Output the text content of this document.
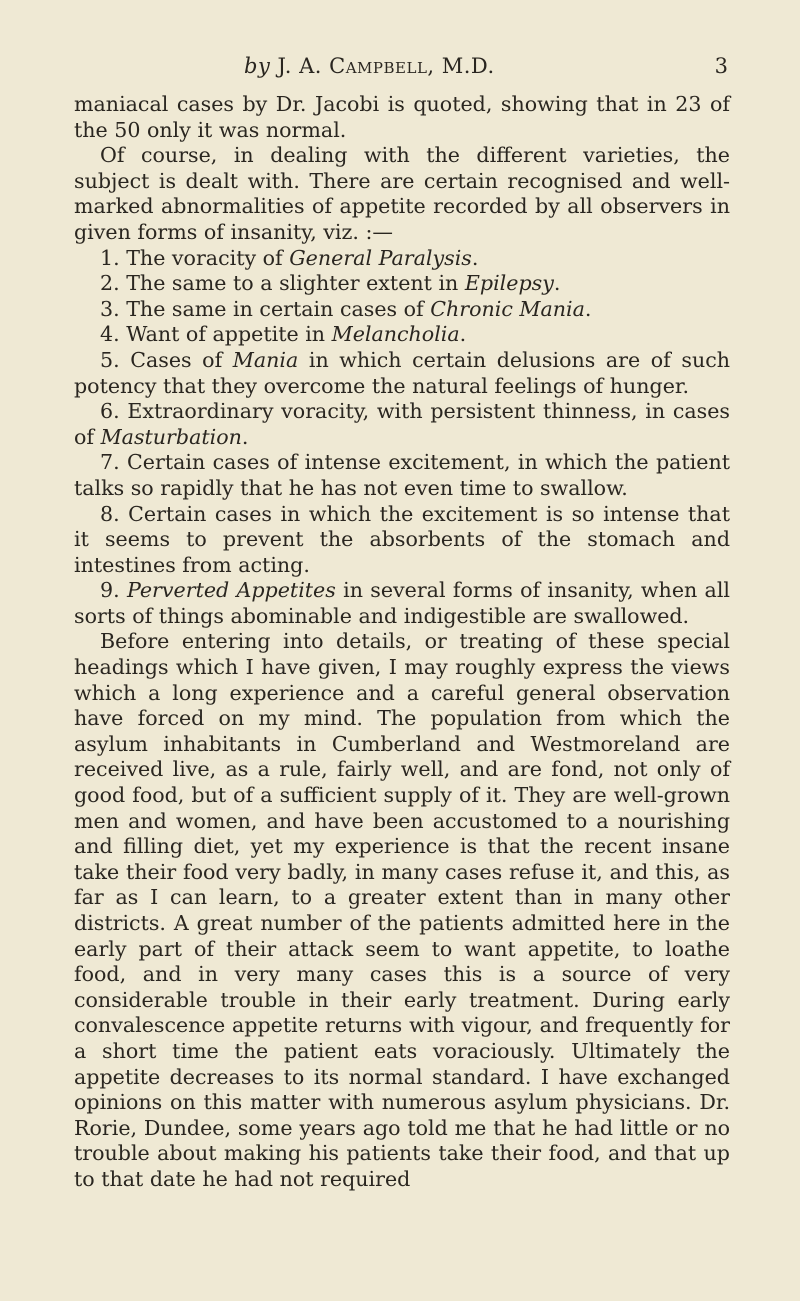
by J. A. Campbell, M.D.	3

maniacal cases by Dr. Jacobi is quoted, showing that in 23 of the 50 only it was normal.

Of course, in dealing with the different varieties, the subject is dealt with. There are certain recognised and well-marked abnormalities of appetite recorded by all observers in given forms of insanity, viz. :—

1. The voracity of General Paralysis.

2. The same to a slighter extent in Epilepsy.

3. The same in certain cases of Chronic Mania.

4. Want of appetite in Melancholia.

5. Cases of Mania in which certain delusions are of such potency that they overcome the natural feelings of hunger.

6. Extraordinary voracity, with persistent thinness, in cases of Masturbation.

7. Certain cases of intense excitement, in which the patient talks so rapidly that he has not even time to swallow.

8. Certain cases in which the excitement is so intense that it seems to prevent the absorbents of the stomach and intestines from acting.

9. Perverted Appetites in several forms of insanity, when all sorts of things abominable and indigestible are swallowed.

Before entering into details, or treating of these special headings which I have given, I may roughly express the views which a long experience and a careful general observation have forced on my mind. The population from which the asylum inhabitants in Cumberland and Westmoreland are received live, as a rule, fairly well, and are fond, not only of good food, but of a sufficient supply of it. They are well-grown men and women, and have been accustomed to a nourishing and filling diet, yet my experience is that the recent insane take their food very badly, in many cases refuse it, and this, as far as I can learn, to a greater extent than in many other districts. A great number of the patients admitted here in the early part of their attack seem to want appetite, to loathe food, and in very many cases this is a source of very considerable trouble in their early treatment. During early convalescence appetite returns with vigour, and frequently for a short time the patient eats voraciously. Ultimately the appetite decreases to its normal standard. I have exchanged opinions on this matter with numerous asylum physicians. Dr. Rorie, Dundee, some years ago told me that he had little or no trouble about making his patients take their food, and that up to that date he had not required
